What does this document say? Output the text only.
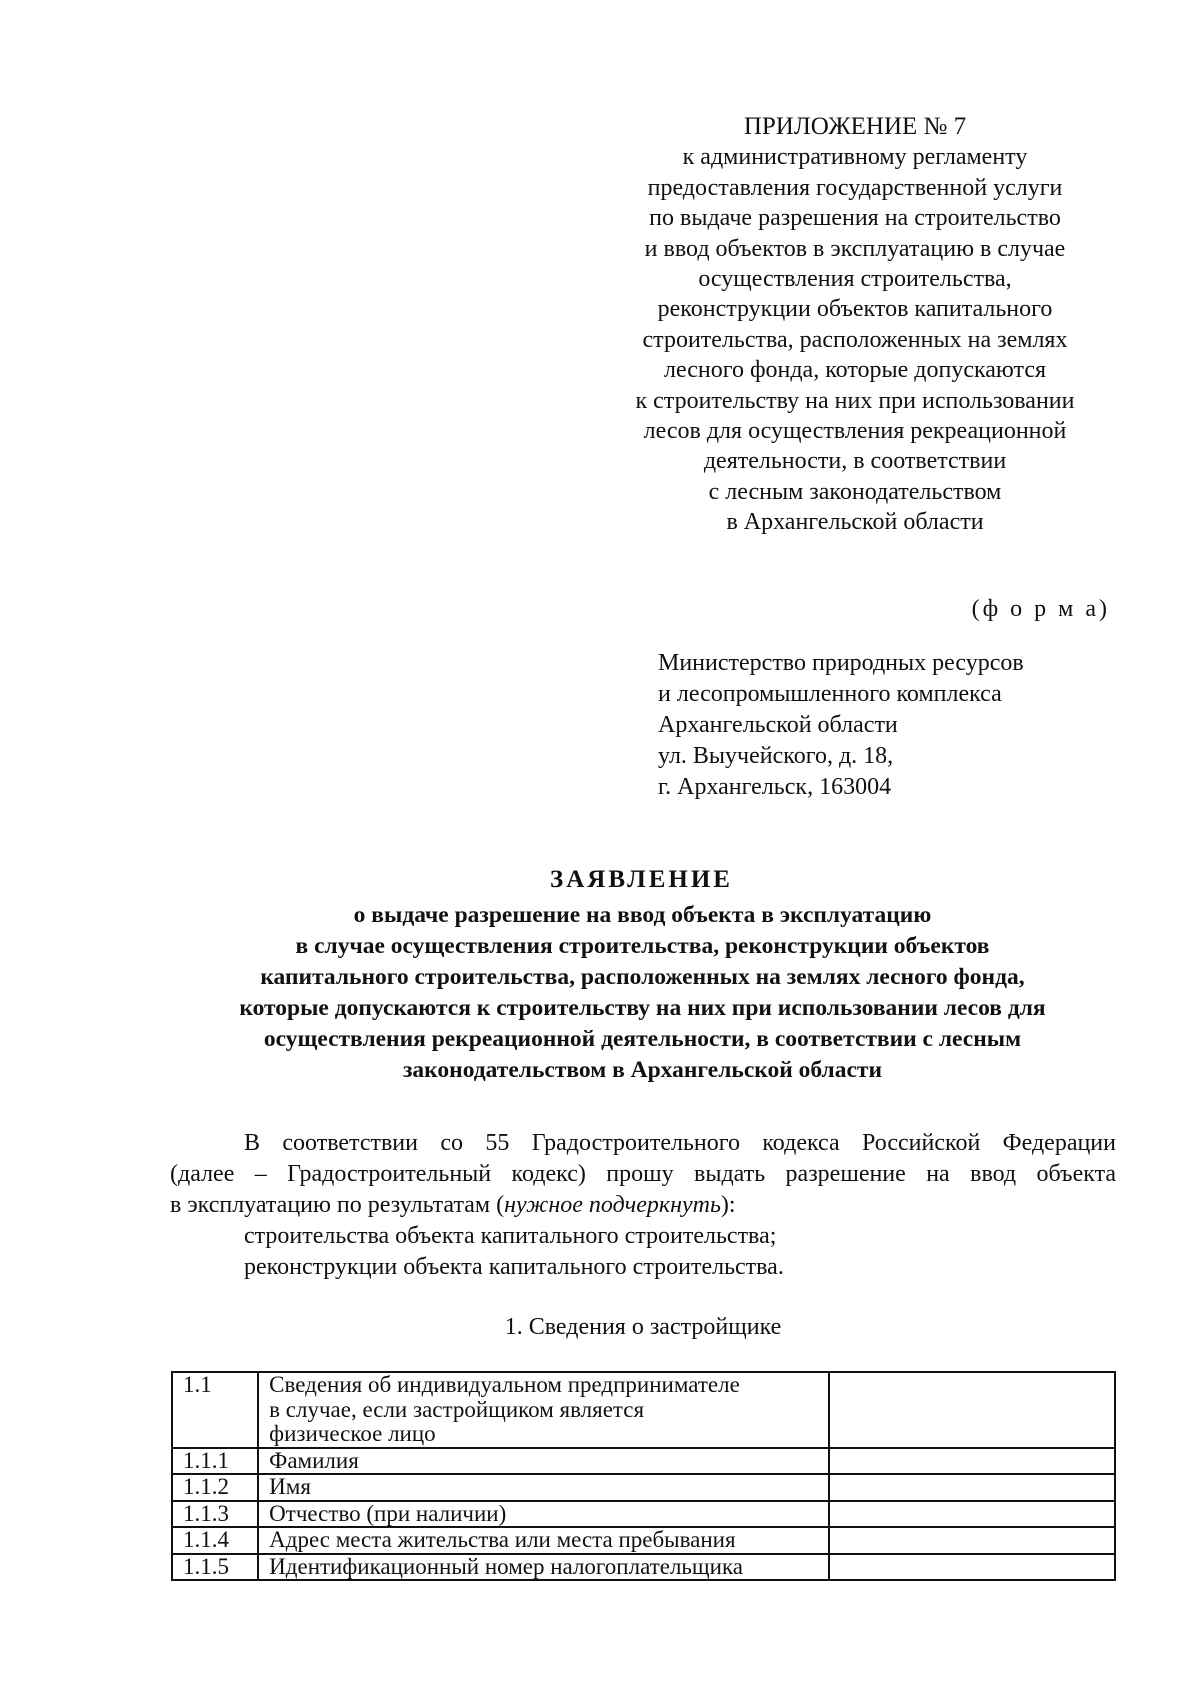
ПРИЛОЖЕНИЕ № 7
к административному регламенту
предоставления государственной услуги
по выдаче разрешения на строительство
и ввод объектов в эксплуатацию в случае
осуществления строительства,
реконструкции объектов капитального
строительства, расположенных на землях
лесного фонда, которые допускаются
к строительству на них при использовании
лесов для осуществления рекреационной
деятельности, в соответствии
с лесным законодательством
в Архангельской области
(ф о р м а)
Министерство природных ресурсов
и лесопромышленного комплекса
Архангельской области
ул. Выучейского, д. 18,
г. Архангельск, 163004
ЗАЯВЛЕНИЕ
о выдаче разрешение на ввод объекта в эксплуатацию
в случае осуществления строительства, реконструкции объектов
капитального строительства, расположенных на землях лесного фонда,
которые допускаются к строительству на них при использовании лесов для
осуществления рекреационной деятельности, в соответствии с лесным
законодательством в Архангельской области
В соответствии со 55 Градостроительного кодекса Российской Федерации
(далее – Градостроительный кодекс) прошу выдать разрешение на ввод объекта
в эксплуатацию по результатам (нужное подчеркнуть):
строительства объекта капитального строительства;
реконструкции объекта капитального строительства.
1. Сведения о застройщике
1.1	Сведения об индивидуальном предпринимателе
в случае, если застройщиком является
физическое лицо	

1.1.1	Фамилия	
1.1.2	Имя	
1.1.3	Отчество (при наличии)	
1.1.4	Адрес места жительства или места пребывания	
1.1.5	Идентификационный номер налогоплательщика	
